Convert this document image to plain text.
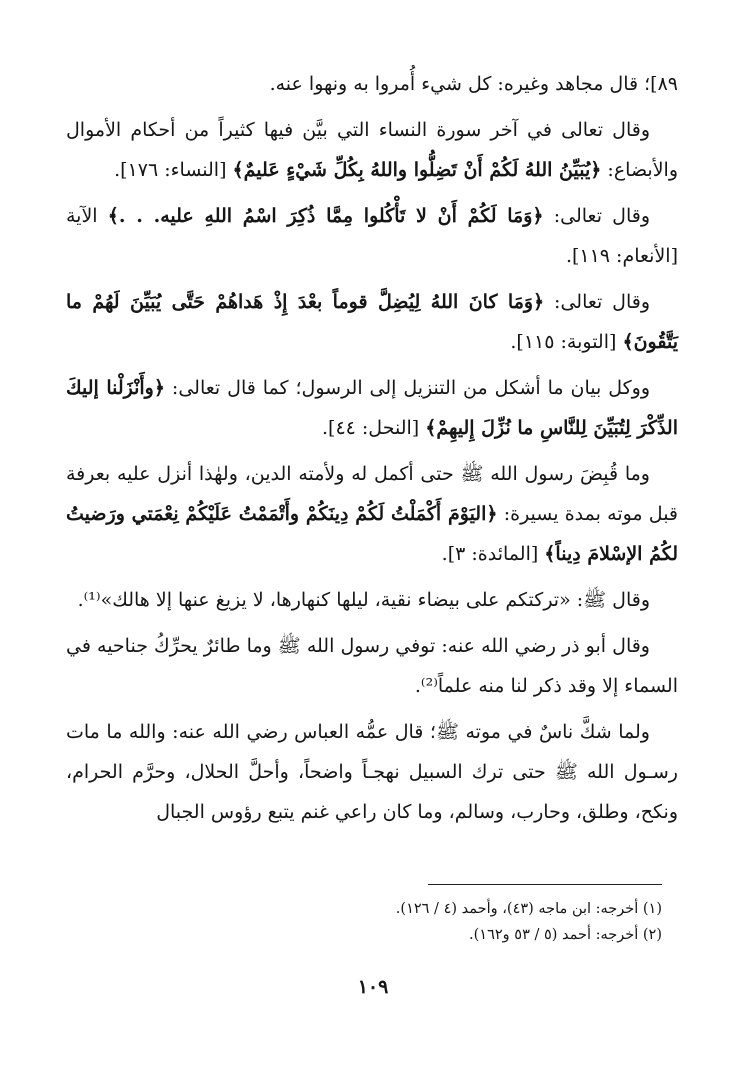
٨٩]؛ قال مجاهد وغيره: كل شيء أُمروا به ونهوا عنه.

وقال تعالى في آخر سورة النساء التي بيَّن فيها كثيراً من أحكام الأموال والأبضاع: ﴿يُبَيِّنُ اللهُ لَكُمْ أَنْ تَضِلُّوا واللهُ بِكُلِّ شَيْءٍ عَليمٌ﴾ [النساء: ١٧٦].

وقال تعالى: ﴿وَمَا لَكُمْ أَنْ لا تَأْكُلوا مِمَّا ذُكِرَ اسْمُ اللهِ عليه. . .﴾ الآية [الأنعام: ١١٩].

وقال تعالى: ﴿وَمَا كانَ اللهُ لِيُضِلَّ قوماً بعْدَ إِذْ هَداهُمْ حَتَّى يُبَيِّنَ لَهُمْ ما يَتَّقُونَ﴾ [التوبة: ١١٥].

ووكل بيان ما أشكل من التنزيل إلى الرسول؛ كما قال تعالى: ﴿وأَنْزَلْنا إليكَ الذِّكْرَ لِتُبَيِّنَ لِلنَّاسِ ما نُزِّلَ إِليهِمْ﴾ [النحل: ٤٤].

وما قُبِضَ رسول الله ﷺ حتى أكمل له ولأمته الدين، ولهٰذا أنزل عليه بعرفة قبل موته بمدة يسيرة: ﴿اليَوْمَ أَكْمَلْتُ لَكُمْ دِينَكُمْ وأَتْمَمْتُ عَلَيْكُمْ نِعْمَتي ورَضيتُ لكُمُ الإسْلامَ دِيناً﴾ [المائدة: ٣].

وقال ﷺ: «تركتكم على بيضاء نقية، ليلها كنهارها، لا يزيغ عنها إلا هالك»⁽¹⁾.

وقال أبو ذر رضي الله عنه: توفي رسول الله ﷺ وما طائرٌ يحرِّكُ جناحيه في السماء إلا وقد ذكر لنا منه علماً⁽²⁾.

ولما شكَّ ناسٌ في موته ﷺ؛ قال عمُّه العباس رضي الله عنه: والله ما مات رسـول الله ﷺ حتى ترك السبيل نهجـاً واضحاً، وأحلَّ الحلال، وحرَّم الحرام، ونكح، وطلق، وحارب، وسالم، وما كان راعي غنم يتبع رؤوس الجبال

(١) أخرجه: ابن ماجه (٤٣)، وأحمد (٤ / ١٢٦).

(٢) أخرجه: أحمد (٥ / ٥٣ و١٦٢).

١٠٩
